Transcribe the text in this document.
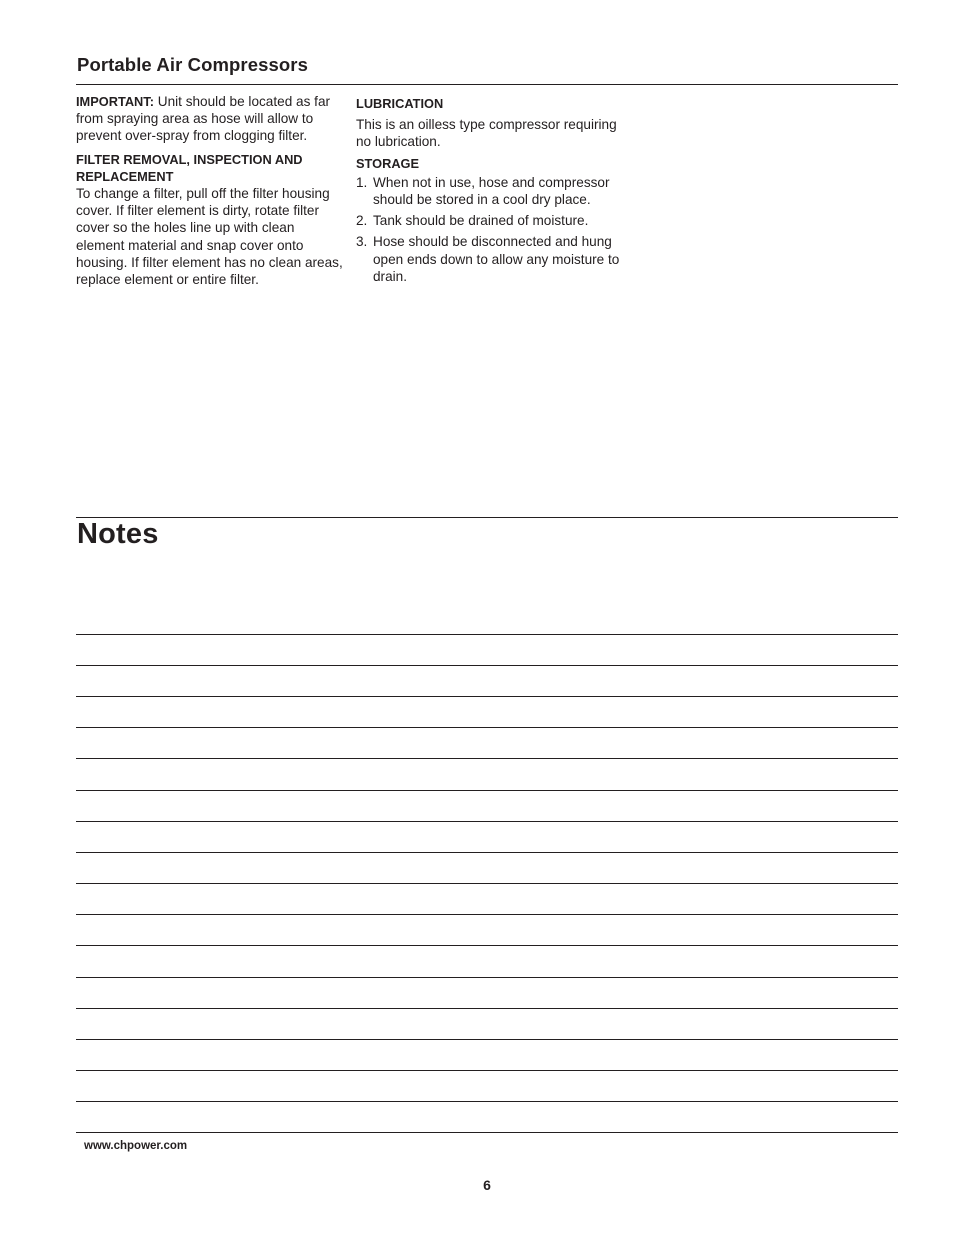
Portable Air Compressors

IMPORTANT: Unit should be located as far from spraying area as hose will allow to prevent over-spray from clogging filter.

FILTER REMOVAL, INSPECTION AND REPLACEMENT

To change a filter, pull off the filter housing cover. If filter element is dirty, rotate filter cover so the holes line up with clean element material and snap cover onto housing. If filter element has no clean areas, replace element or entire filter.

LUBRICATION

This is an oilless type compressor requiring no lubrication.

STORAGE

1. When not in use, hose and compressor should be stored in a cool dry place.
2. Tank should be drained of moisture.
3. Hose should be disconnected and hung open ends down to allow any moisture to drain.
Notes
www.chpower.com
6
